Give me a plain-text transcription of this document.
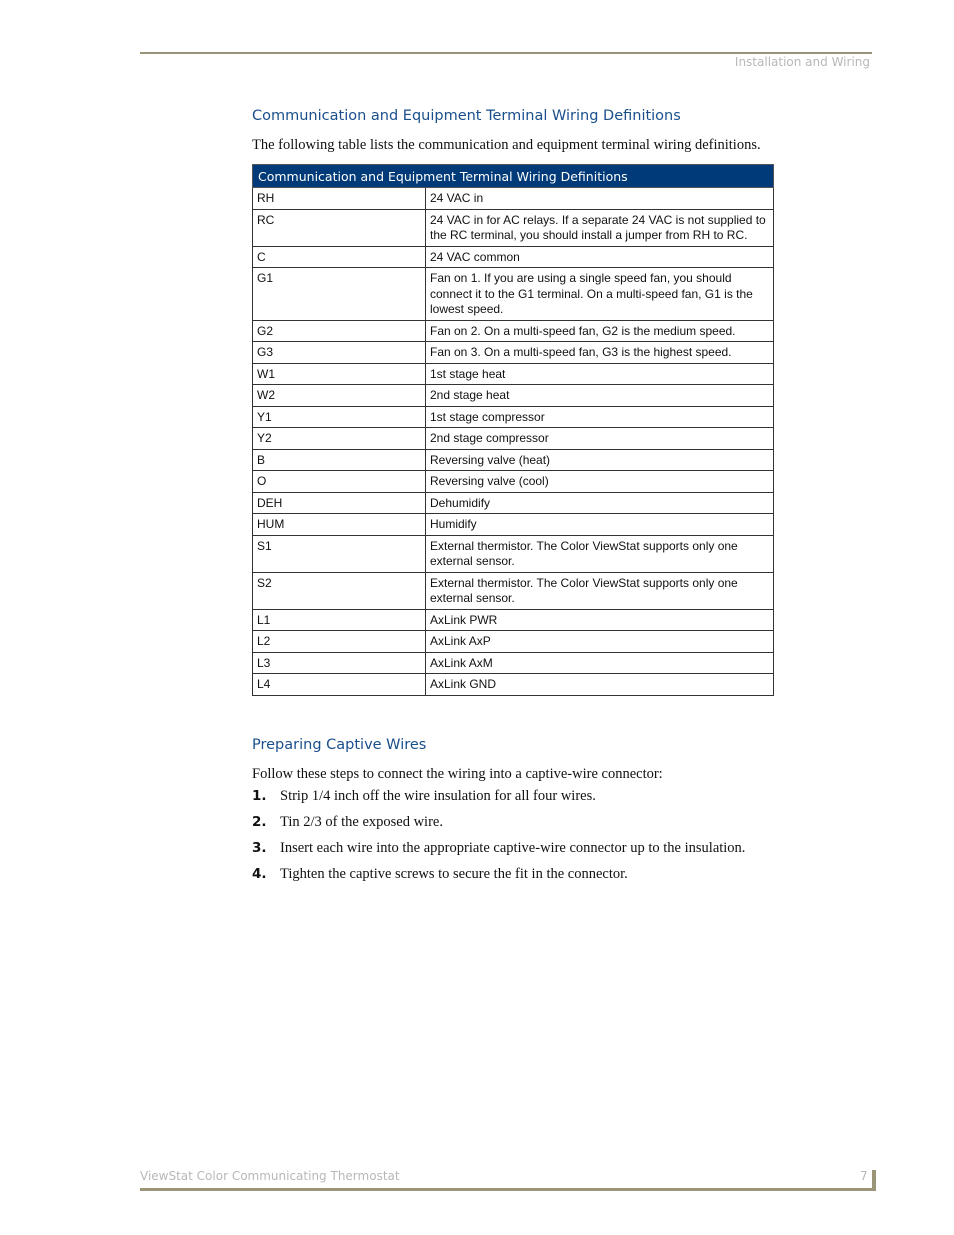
Installation and Wiring
Communication and Equipment Terminal Wiring Definitions

The following table lists the communication and equipment terminal wiring definitions.

Communication and Equipment Terminal Wiring Definitions	
RH	24 VAC in
RC	24 VAC in for AC relays. If a separate 24 VAC is not supplied to the RC terminal, you should install a jumper from RH to RC.
C	24 VAC common
G1	Fan on 1. If you are using a single speed fan, you should connect it to the G1 terminal. On a multi-speed fan, G1 is the lowest speed.
G2	Fan on 2. On a multi-speed fan, G2 is the medium speed.
G3	Fan on 3. On a multi-speed fan, G3 is the highest speed.
W1	1st stage heat
W2	2nd stage heat
Y1	1st stage compressor
Y2	2nd stage compressor
B	Reversing valve (heat)
O	Reversing valve (cool)
DEH	Dehumidify
HUM	Humidify
S1	External thermistor. The Color ViewStat supports only one external sensor.
S2	External thermistor. The Color ViewStat supports only one external sensor.
L1	AxLink PWR
L2	AxLink AxP
L3	AxLink AxM
L4	AxLink GND
Preparing Captive Wires

Follow these steps to connect the wiring into a captive-wire connector:

1. Strip 1/4 inch off the wire insulation for all four wires.
2. Tin 2/3 of the exposed wire.
3. Insert each wire into the appropriate captive-wire connector up to the insulation.
4. Tighten the captive screws to secure the fit in the connector.
ViewStat Color Communicating Thermostat	7
